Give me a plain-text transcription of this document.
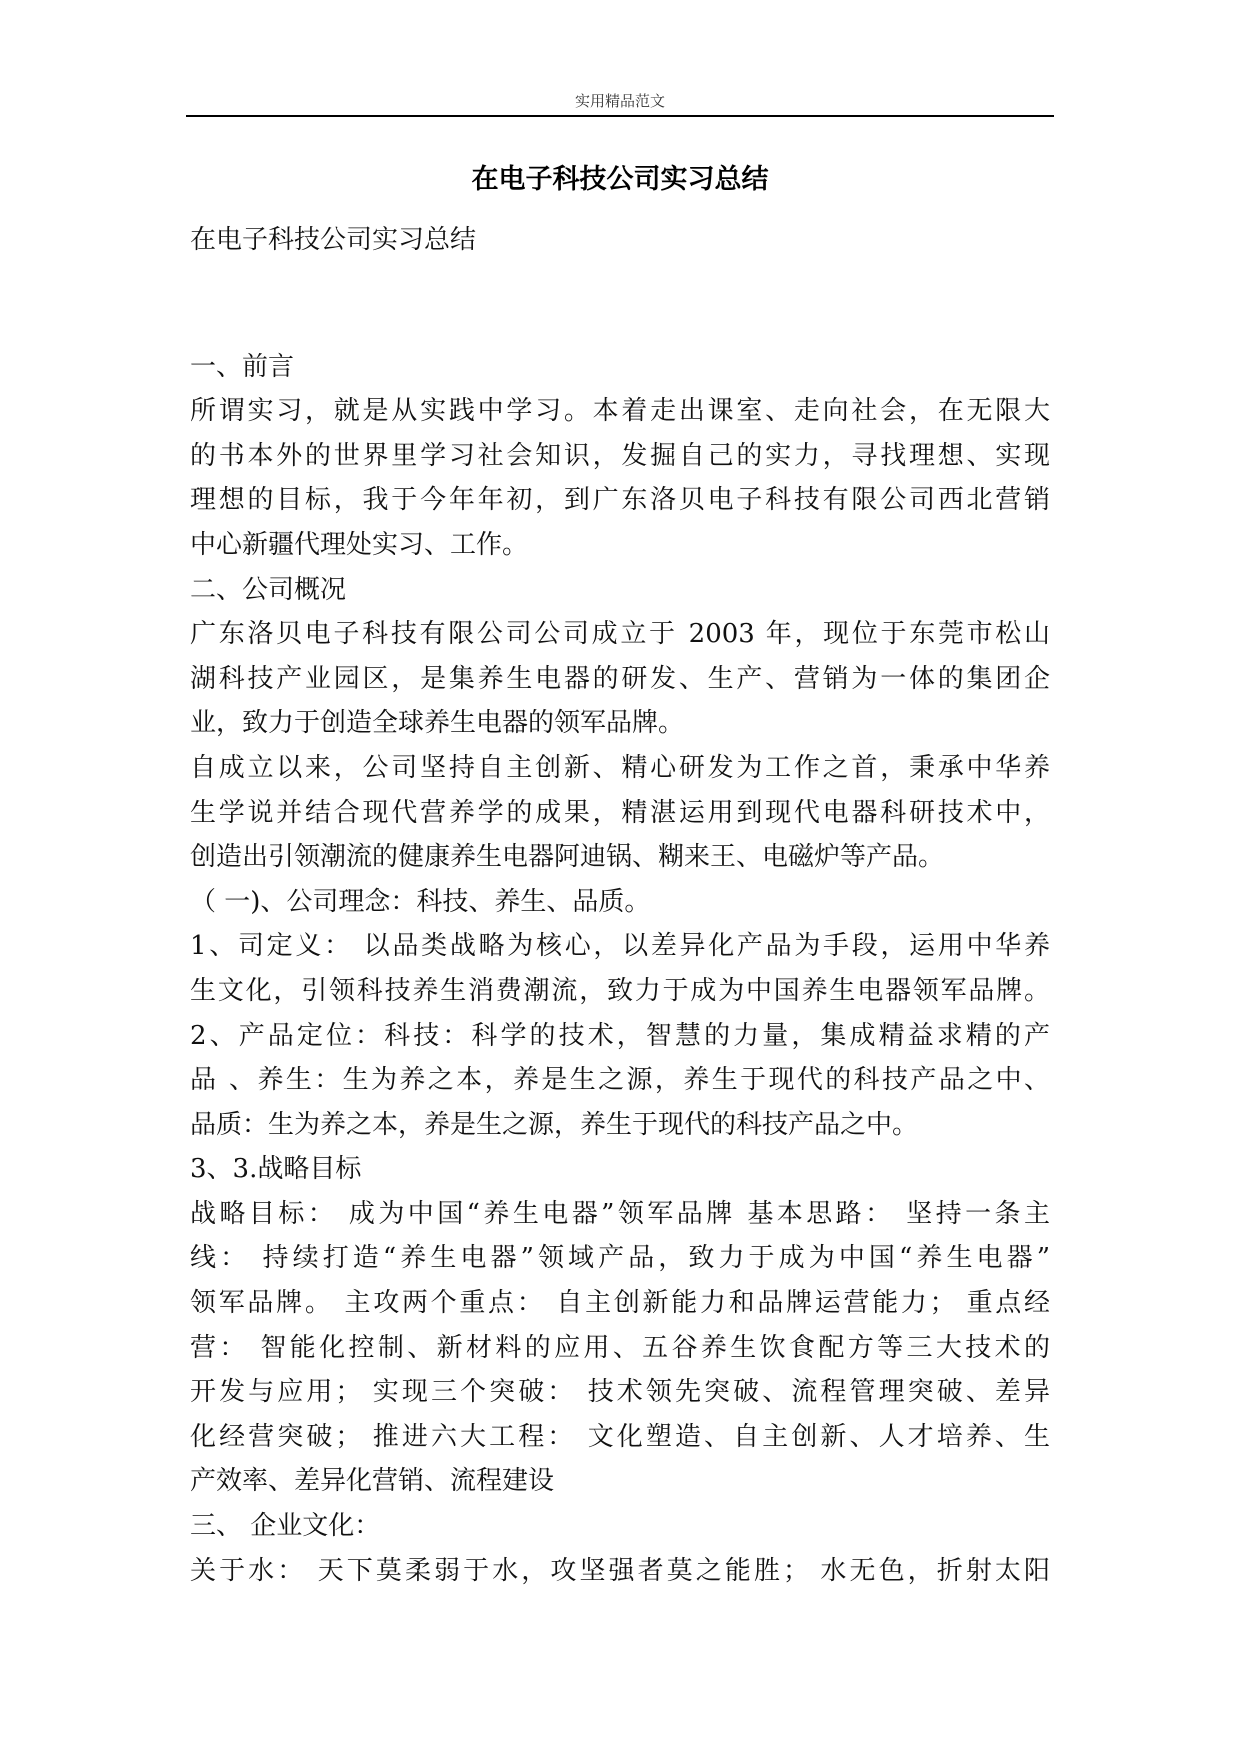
实用精品范文
在电子科技公司实习总结
在电子科技公司实习总结
一、前言
所谓实习，就是从实践中学习。本着走出课室、走向社会，在无限大
的书本外的世界里学习社会知识，发掘自己的实力，寻找理想、实现
理想的目标，我于今年年初，到广东洛贝电子科技有限公司西北营销
中心新疆代理处实习、工作。
二、公司概况
广东洛贝电子科技有限公司公司成立于 2003 年，现位于东莞市松山
湖科技产业园区，是集养生电器的研发、生产、营销为一体的集团企
业，致力于创造全球养生电器的领军品牌。
自成立以来，公司坚持自主创新、精心研发为工作之首，秉承中华养
生学说并结合现代营养学的成果，精湛运用到现代电器科研技术中，
创造出引领潮流的健康养生电器阿迪锅、糊来王、电磁炉等产品。
（ 一)、公司理念：科技、养生、品质。
1、司定义： 以品类战略为核心，以差异化产品为手段，运用中华养
生文化，引领科技养生消费潮流，致力于成为中国养生电器领军品牌。
2、产品定位：科技：科学的技术，智慧的力量，集成精益求精的产
品 、养生：生为养之本，养是生之源，养生于现代的科技产品之中、
品质：生为养之本，养是生之源，养生于现代的科技产品之中。
3、3.战略目标
战略目标： 成为中国“养生电器”领军品牌 基本思路： 坚持一条主
线： 持续打造“养生电器”领域产品，致力于成为中国“养生电器”
领军品牌。 主攻两个重点： 自主创新能力和品牌运营能力； 重点经
营： 智能化控制、新材料的应用、五谷养生饮食配方等三大技术的
开发与应用； 实现三个突破： 技术领先突破、流程管理突破、差异
化经营突破； 推进六大工程： 文化塑造、自主创新、人才培养、生
产效率、差异化营销、流程建设
三、 企业文化：
关于水： 天下莫柔弱于水，攻坚强者莫之能胜； 水无色，折射太阳
